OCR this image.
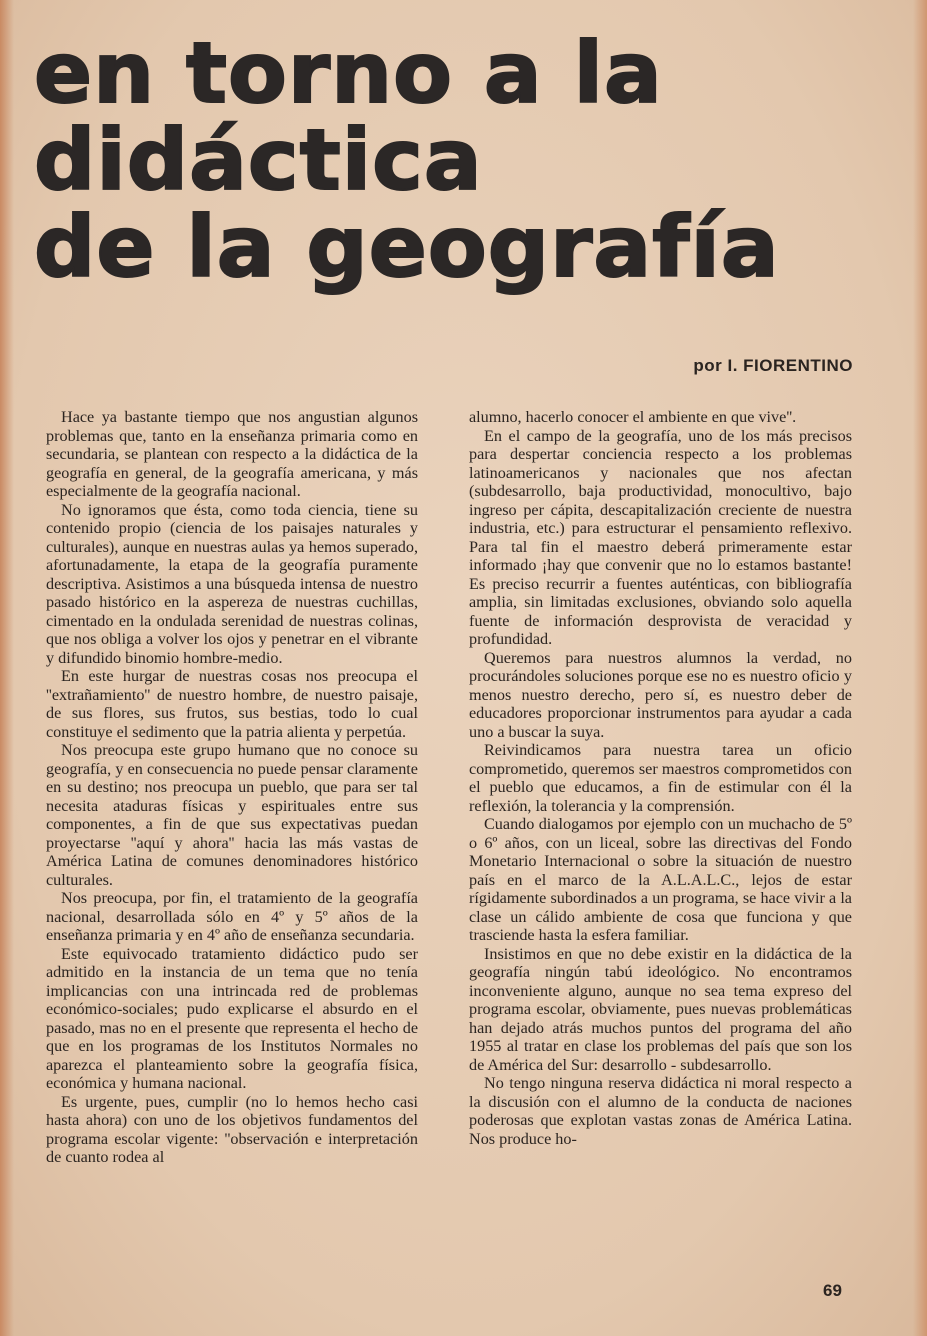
en torno a la
didáctica
de la geografía
por I. FIORENTINO

Hace ya bastante tiempo que nos angustian algunos problemas que, tanto en la enseñanza primaria como en secundaria, se plantean con respecto a la didáctica de la geografía en general, de la geografía americana, y más especialmente de la geografía nacional.

No ignoramos que ésta, como toda ciencia, tiene su contenido propio (ciencia de los paisajes naturales y culturales), aunque en nuestras aulas ya hemos superado, afortunadamente, la etapa de la geografía puramente descriptiva. Asistimos a una búsqueda intensa de nuestro pasado histórico en la aspereza de nuestras cuchillas, cimentado en la ondulada serenidad de nuestras colinas, que nos obliga a volver los ojos y penetrar en el vibrante y difundido binomio hombre-medio.

En este hurgar de nuestras cosas nos preocupa el ''extrañamiento'' de nuestro hombre, de nuestro paisaje, de sus flores, sus frutos, sus bestias, todo lo cual constituye el sedimento que la patria alienta y perpetúa.

Nos preocupa este grupo humano que no conoce su geografía, y en consecuencia no puede pensar claramente en su destino; nos preocupa un pueblo, que para ser tal necesita ataduras físicas y espirituales entre sus componentes, a fin de que sus expectativas puedan proyectarse ''aquí y ahora'' hacia las más vastas de América Latina de comunes denominadores histórico culturales.

Nos preocupa, por fin, el tratamiento de la geografía nacional, desarrollada sólo en 4º y 5º años de la enseñanza primaria y en 4º año de enseñanza secundaria.

Este equivocado tratamiento didáctico pudo ser admitido en la instancia de un tema que no tenía implicancias con una intrincada red de problemas económico-sociales; pudo explicarse el absurdo en el pasado, mas no en el presente que representa el hecho de que en los programas de los Institutos Normales no aparezca el planteamiento sobre la geografía física, económica y humana nacional.

Es urgente, pues, cumplir (no lo hemos hecho casi hasta ahora) con uno de los objetivos fundamentos del programa escolar vigente: ''observación e interpretación de cuanto rodea al

alumno, hacerlo conocer el ambiente en que vive''.

En el campo de la geografía, uno de los más precisos para despertar conciencia respecto a los problemas latinoamericanos y nacionales que nos afectan (subdesarrollo, baja productividad, monocultivo, bajo ingreso per cápita, descapitalización creciente de nuestra industria, etc.) para estructurar el pensamiento reflexivo. Para tal fin el maestro deberá primeramente estar informado ¡hay que convenir que no lo estamos bastante! Es preciso recurrir a fuentes auténticas, con bibliografía amplia, sin limitadas exclusiones, obviando solo aquella fuente de información desprovista de veracidad y profundidad.

Queremos para nuestros alumnos la verdad, no procurándoles soluciones porque ese no es nuestro oficio y menos nuestro derecho, pero sí, es nuestro deber de educadores proporcionar instrumentos para ayudar a cada uno a buscar la suya.

Reivindicamos para nuestra tarea un oficio comprometido, queremos ser maestros comprometidos con el pueblo que educamos, a fin de estimular con él la reflexión, la tolerancia y la comprensión.

Cuando dialogamos por ejemplo con un muchacho de 5º o 6º años, con un liceal, sobre las directivas del Fondo Monetario Internacional o sobre la situación de nuestro país en el marco de la A.L.A.L.C., lejos de estar rígidamente subordinados a un programa, se hace vivir a la clase un cálido ambiente de cosa que funciona y que trasciende hasta la esfera familiar.

Insistimos en que no debe existir en la didáctica de la geografía ningún tabú ideológico. No encontramos inconveniente alguno, aunque no sea tema expreso del programa escolar, obviamente, pues nuevas problemáticas han dejado atrás muchos puntos del programa del año 1955 al tratar en clase los problemas del país que son los de América del Sur: desarrollo - subdesarrollo.

No tengo ninguna reserva didáctica ni moral respecto a la discusión con el alumno de la conducta de naciones poderosas que explotan vastas zonas de América Latina. Nos produce ho-

69
